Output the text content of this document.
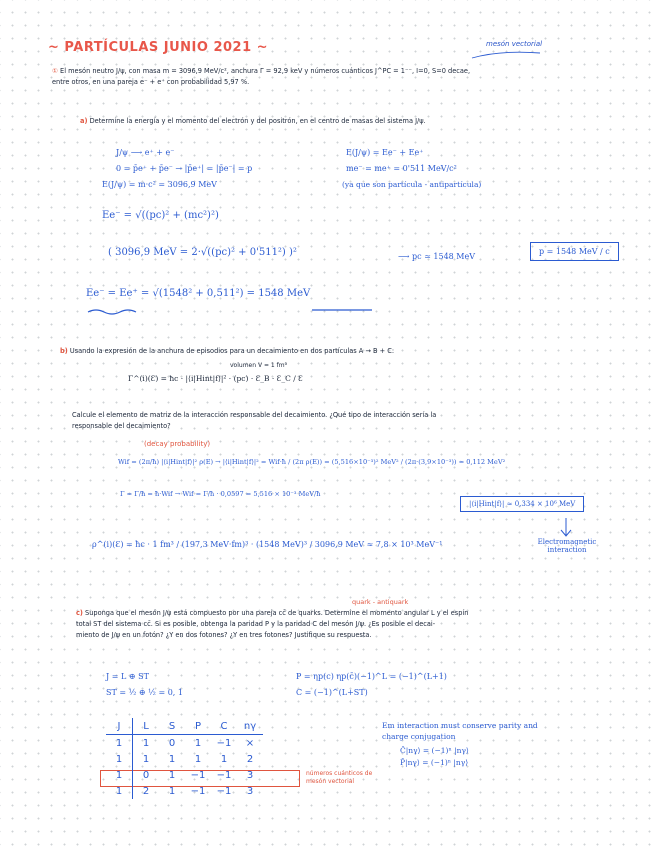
~ PARTÍCULAS JUNIO 2021 ~	mesón vectorial
① El mesón neutro J/ψ, con masa m = 3096,9 MeV/c², anchura Γ = 92,9 keV y números cuánticos J^PC = 1⁻⁻, I=0, S=0 decae,
entre otros, en una pareja e⁻ + e⁺ con probabilidad 5,97 %.
a) Determine la energía y el momento del electrón y del positrón, en el centro de masas del sistema J/ψ.
J/ψ ⟶ e⁺ + e⁻
0 = p̄e⁺ + p̄e⁻ → |p̄e⁺| = |p̄e⁻| = p
E(J/ψ) = m·c² = 3096,9 MeV
E(J/ψ) = Ee⁻ + Ee⁺
me⁻ = me⁺ = 0'511 MeV/c²
(ya que son partícula - antipartícula)
Ee⁻ = √((pc)² + (mc²)²)
( 3096,9 MeV = 2·√((pc)² + 0'511²) )²	⟶ pc ≃ 1548 MeV
p = 1548 MeV / c
Ee⁻ = Ee⁺ = √(1548² + 0,511²) = 1548 MeV
b) Usando la expresión de la anchura de episodios para un decaimiento en dos partículas A → B + C:
volumen V = 1 fm³
Γ^(i)(Ɛ) = ħc · |⟨i|Hint|f⟩|² · (pc) · Ɛ_B · Ɛ_C / Ɛ
Calcule el elemento de matriz de la interacción responsable del decaimiento. ¿Qué tipo de interacción sería la
responsable del decaimiento?
(decay probability)
Wif = (2π/ħ) |⟨i|Hint|f⟩|² ρ(E) → |⟨i|Hint|f⟩|² = Wif·ħ / (2π ρ(E)) = (5,516×10⁻³)² MeV² / (2π·(3,9×10⁻³)) ≃ 0,112 MeV²
Γ = Γ/ħ = ħ·Wif → Wif = Γ/ħ · 0,0597 = 5,516 × 10⁻³ MeV/ħ
|⟨i|Hint|f⟩| ≈ 0,334 × 10⁶ MeV
ρ^(i)(Ɛ) = ħc · 1 fm³ / (197,3 MeV·fm)³ · (1548 MeV)³ / 3096,9 MeV ≈ 7,8 × 10³ MeV⁻¹	Electromagnetic interaction
quark - antiquark
c) Suponga que el mesón J/ψ está compuesto por una pareja cc̄ de quarks. Determine el momento angular L y el espín
total ST del sistema cc̄. Si es posible, obtenga la paridad P y la paridad C del mesón J/ψ. ¿Es posible el decai-
miento de J/ψ en un fotón? ¿Y en dos fotones? ¿Y en tres fotones? Justifique su respuesta.
J = L ⊕ ST
ST = ½ ⊕ ½ = 0, 1
P = ηp(c) ηp(c̄)(−1)^L = (−1)^(L+1)
C = (−1)^(L+ST)
J	L	S	P	C	nγ
1	1	0	1	−1	×
1	1	1	1	1	2
1	0	1	−1	−1	3
1	2	1	−1	−1	3
números cuánticos de mesón vectorial
Em interaction must conserve parity and
charge conjugation
Ĉ|nγ⟩ = (−1)ⁿ |nγ⟩
P̂|nγ⟩ = (−1)ⁿ |nγ⟩
